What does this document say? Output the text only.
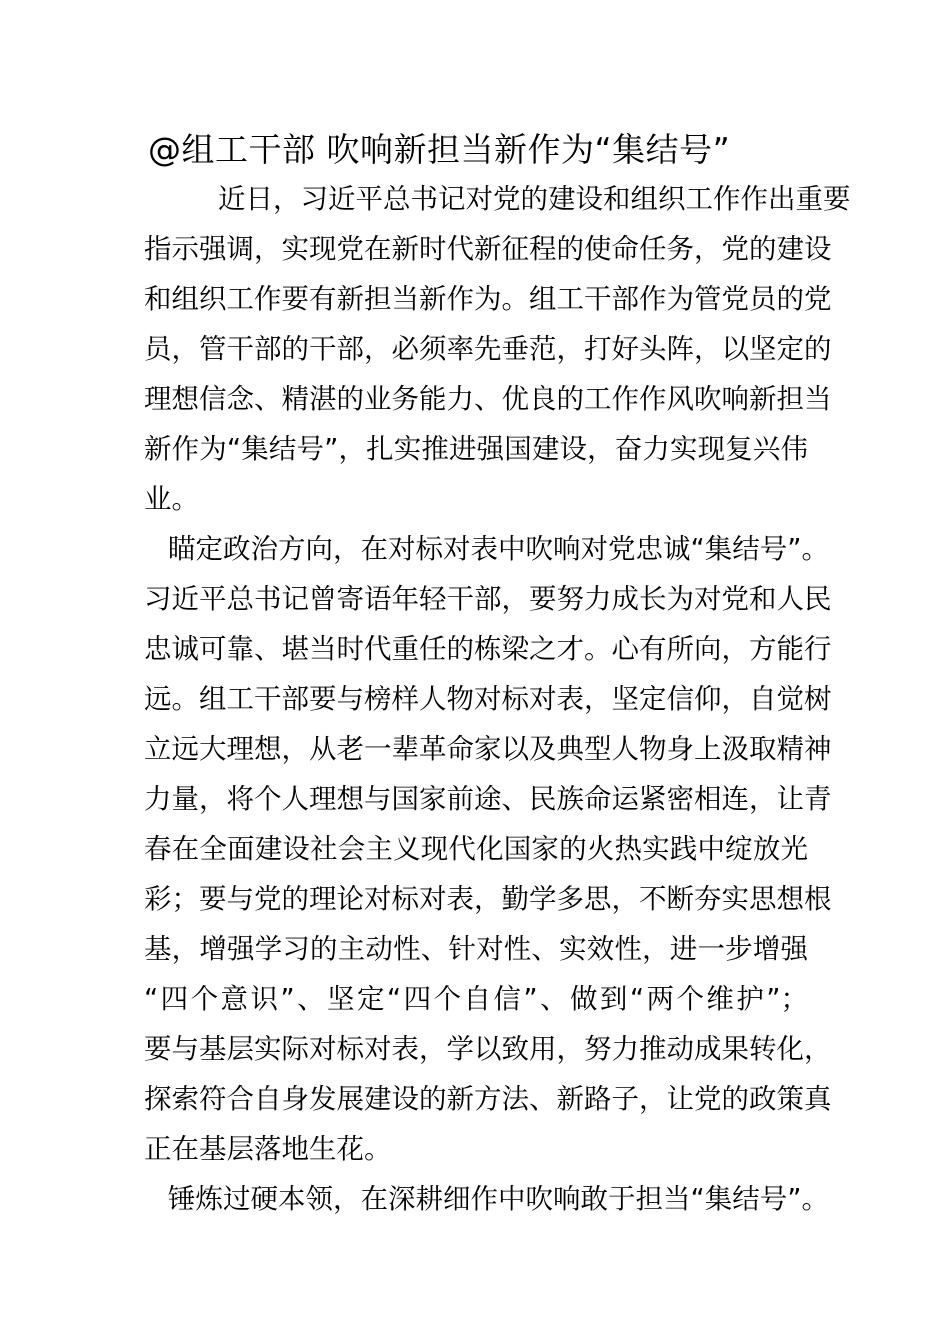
@组工干部 吹响新担当新作为“集结号”
近日，习近平总书记对党的建设和组织工作作出重要
指示强调，实现党在新时代新征程的使命任务，党的建设
和组织工作要有新担当新作为。组工干部作为管党员的党
员，管干部的干部，必须率先垂范，打好头阵，以坚定的
理想信念、精湛的业务能力、优良的工作作风吹响新担当
新作为“集结号”，扎实推进强国建设，奋力实现复兴伟
业。
瞄定政治方向，在对标对表中吹响对党忠诚“集结号”。
习近平总书记曾寄语年轻干部，要努力成长为对党和人民
忠诚可靠、堪当时代重任的栋梁之才。心有所向，方能行
远。组工干部要与榜样人物对标对表，坚定信仰，自觉树
立远大理想，从老一辈革命家以及典型人物身上汲取精神
力量，将个人理想与国家前途、民族命运紧密相连，让青
春在全面建设社会主义现代化国家的火热实践中绽放光
彩；要与党的理论对标对表，勤学多思，不断夯实思想根
基，增强学习的主动性、针对性、实效性，进一步增强
“四个意识”、坚定“四个自信”、做到“两个维护”；
要与基层实际对标对表，学以致用，努力推动成果转化，
探索符合自身发展建设的新方法、新路子，让党的政策真
正在基层落地生花。
锤炼过硬本领，在深耕细作中吹响敢于担当“集结号”。
